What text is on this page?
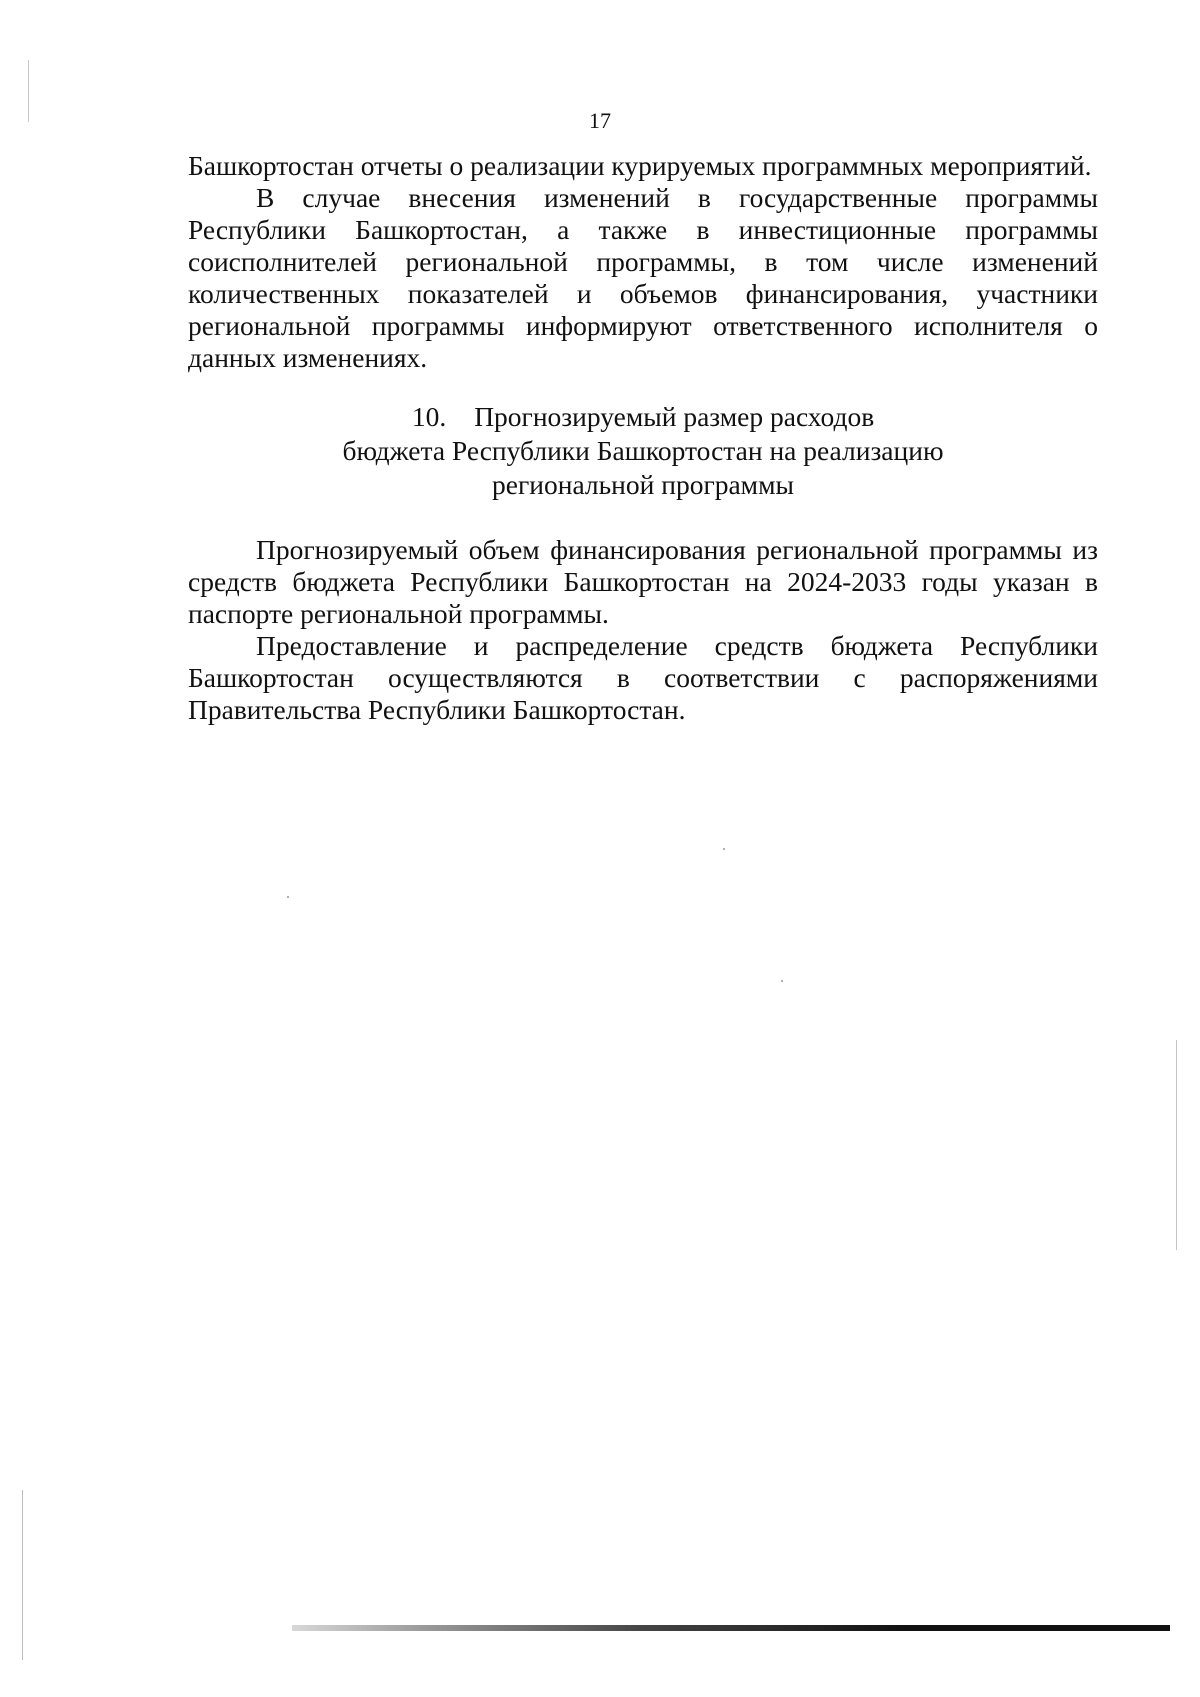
17

Башкортостан отчеты о реализации курируемых программных мероприятий.

В случае внесения изменений в государственные программы Республики Башкортостан, а также в инвестиционные программы соисполнителей региональной программы, в том числе изменений количественных показателей и объемов финансирования, участники региональной программы информируют ответственного исполнителя о данных изменениях.

10. Прогнозируемый размер расходов
бюджета Республики Башкортостан на реализацию
региональной программы

Прогнозируемый объем финансирования региональной программы из средств бюджета Республики Башкортостан на 2024-2033 годы указан в паспорте региональной программы.

Предоставление и распределение средств бюджета Республики Башкортостан осуществляются в соответствии с распоряжениями Правительства Республики Башкортостан.
